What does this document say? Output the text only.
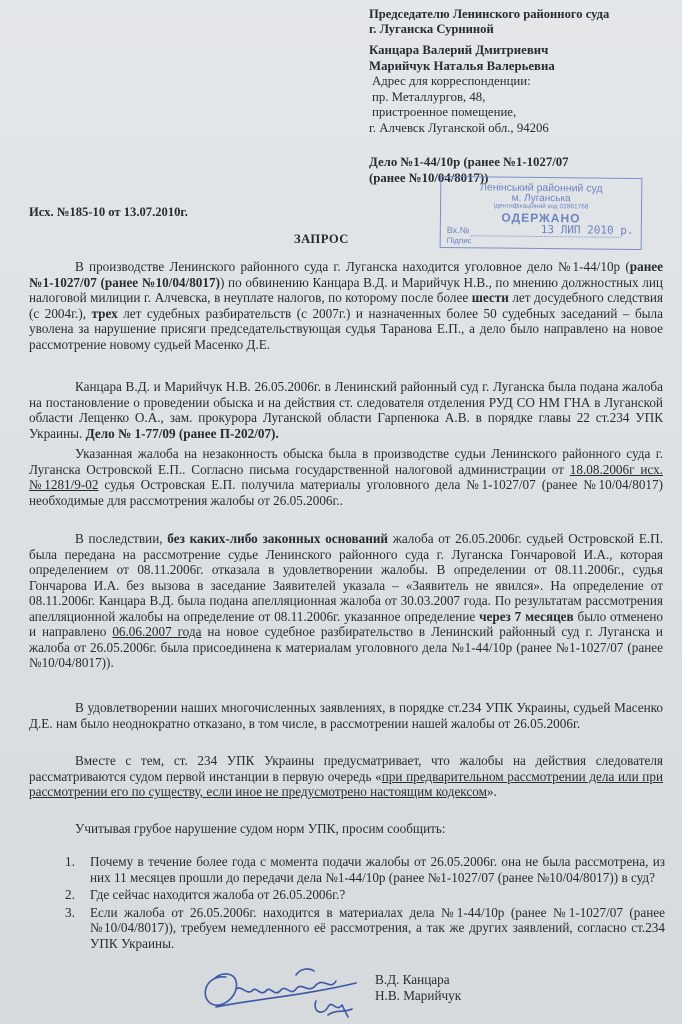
Председателю Ленинского районного суда
г. Луганска Сурниной
Канцара Валерий Дмитриевич
Марийчук Наталья Валерьевна
Адрес для корреспонденции:
пр. Металлургов, 48,
пристроенное помещение,
г. Алчевск Луганской обл., 94206
Дело №1-44/10р (ранее №1-1027/07
(ранее №10/04/8017))
Ленінський районний суд
м. Луганська
ідентифікаційний код 02861768
ОДЕРЖАНО
Вх.№	13 ЛИП 2010 р.
Підпис
Исх. №185-10 от 13.07.2010г.
ЗАПРОС
В производстве Ленинского районного суда г. Луганска находится уголовное дело №1-44/10р (ранее №1-1027/07 (ранее №10/04/8017)) по обвинению Канцара В.Д. и Марийчук Н.В., по мнению должностных лиц налоговой милиции г. Алчевска, в неуплате налогов, по которому после более шести лет досудебного следствия (с 2004г.), трех лет судебных разбирательств (с 2007г.) и назначенных более 50 судебных заседаний – была уволена за нарушение присяги председательствующая судья Таранова Е.П., а дело было направлено на новое рассмотрение новому судьей Масенко Д.Е.
Канцара В.Д. и Марийчук Н.В. 26.05.2006г. в Ленинский районный суд г. Луганска была подана жалоба на постановление о проведении обыска и на действия ст. следователя отделения РУД СО НМ ГНА в Луганской области Лещенко О.А., зам. прокурора Луганской области Гарпенюка А.В. в порядке главы 22 ст.234 УПК Украины. Дело № 1-77/09 (ранее П-202/07).
Указанная жалоба на незаконность обыска была в производстве судьи Ленинского районного суда г. Луганска Островской Е.П.. Согласно письма государственной налоговой администрации от 18.08.2006г исх.№1281/9-02 судья Островская Е.П. получила материалы уголовного дела №1-1027/07 (ранее №10/04/8017) необходимые для рассмотрения жалобы от 26.05.2006г..
В последствии, без каких-либо законных оснований жалоба от 26.05.2006г. судьей Островской Е.П. была передана на рассмотрение судье Ленинского районного суда г. Луганска Гончаровой И.А., которая определением от 08.11.2006г. отказала в удовлетворении жалобы. В определении от 08.11.2006г., судья Гончарова И.А. без вызова в заседание Заявителей указала – «Заявитель не явился». На определение от 08.11.2006г. Канцара В.Д. была подана апелляционная жалоба от 30.03.2007 года. По результатам рассмотрения апелляционной жалобы на определение от 08.11.2006г. указанное определение через 7 месяцев было отменено и направлено 06.06.2007 года на новое судебное разбирательство в Ленинский районный суд г. Луганска и жалоба от 26.05.2006г. была присоединена к материалам уголовного дела №1-44/10р (ранее №1-1027/07 (ранее №10/04/8017)).
В удовлетворении наших многочисленных заявлениях, в порядке ст.234 УПК Украины, судьей Масенко Д.Е. нам было неоднократно отказано, в том числе, в рассмотрении нашей жалобы от 26.05.2006г.
Вместе с тем, ст. 234 УПК Украины предусматривает, что жалобы на действия следователя рассматриваются судом первой инстанции в первую очередь «при предварительном рассмотрении дела или при рассмотрении его по существу, если иное не предусмотрено настоящим кодексом».
Учитывая грубое нарушение судом норм УПК, просим сообщить:
1. Почему в течение более года с момента подачи жалобы от 26.05.2006г. она не была рассмотрена, из них 11 месяцев прошли до передачи дела №1-44/10р (ранее №1-1027/07 (ранее №10/04/8017)) в суд?
2. Где сейчас находится жалоба от 26.05.2006г.?
3. Если жалоба от 26.05.2006г. находится в материалах дела №1-44/10р (ранее №1-1027/07 (ранее №10/04/8017)), требуем немедленного её рассмотрения, а так же других заявлений, согласно ст.234 УПК Украины.
В.Д. Канцара
Н.В. Марийчук
